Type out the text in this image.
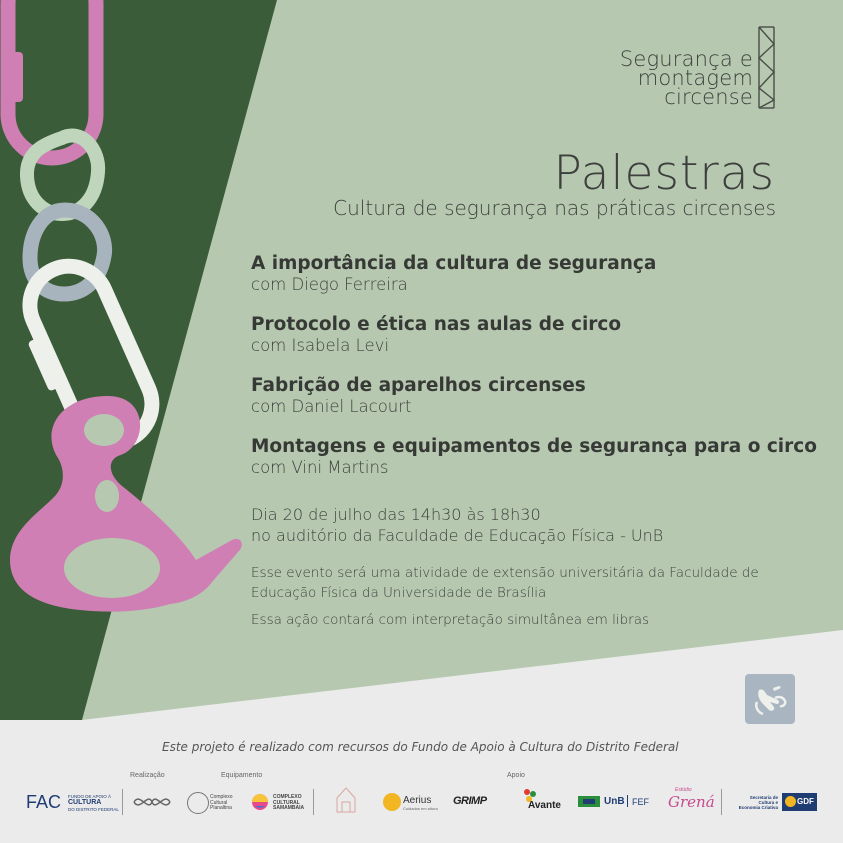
Segurança e
montagem
circense
Palestras
Cultura de segurança nas práticas circenses
A importância da cultura de segurança
com Diego Ferreira
Protocolo e ética nas aulas de circo
com Isabela Levi
Fabrição de aparelhos circenses
com Daniel Lacourt
Montagens e equipamentos de segurança para o circo
com Vini Martins
Dia 20 de julho das 14h30 às 18h30
no auditório da Faculdade de Educação Física - UnB
Esse evento será uma atividade de extensão universitária da Faculdade de
Educação Física da Universidade de Brasília
Essa ação contará com interpretação simultânea em libras
Este projeto é realizado com recursos do Fundo de Apoio à Cultura do Distrito Federal
Realização	Equipamento	Apoio
FAC FUNDO DE APOIO À
CULTURA
DO DISTRITO FEDERAL
Complexo
Cultural
Planaltina
COMPLEXO
CULTURAL
SAMAMBAIA
Aerius
Cuidados em altura
GRIMP	Avante	UnB FEF
Estúdio
Grená	Secretaria de
Cultura e
Economia Criativa
GDF
